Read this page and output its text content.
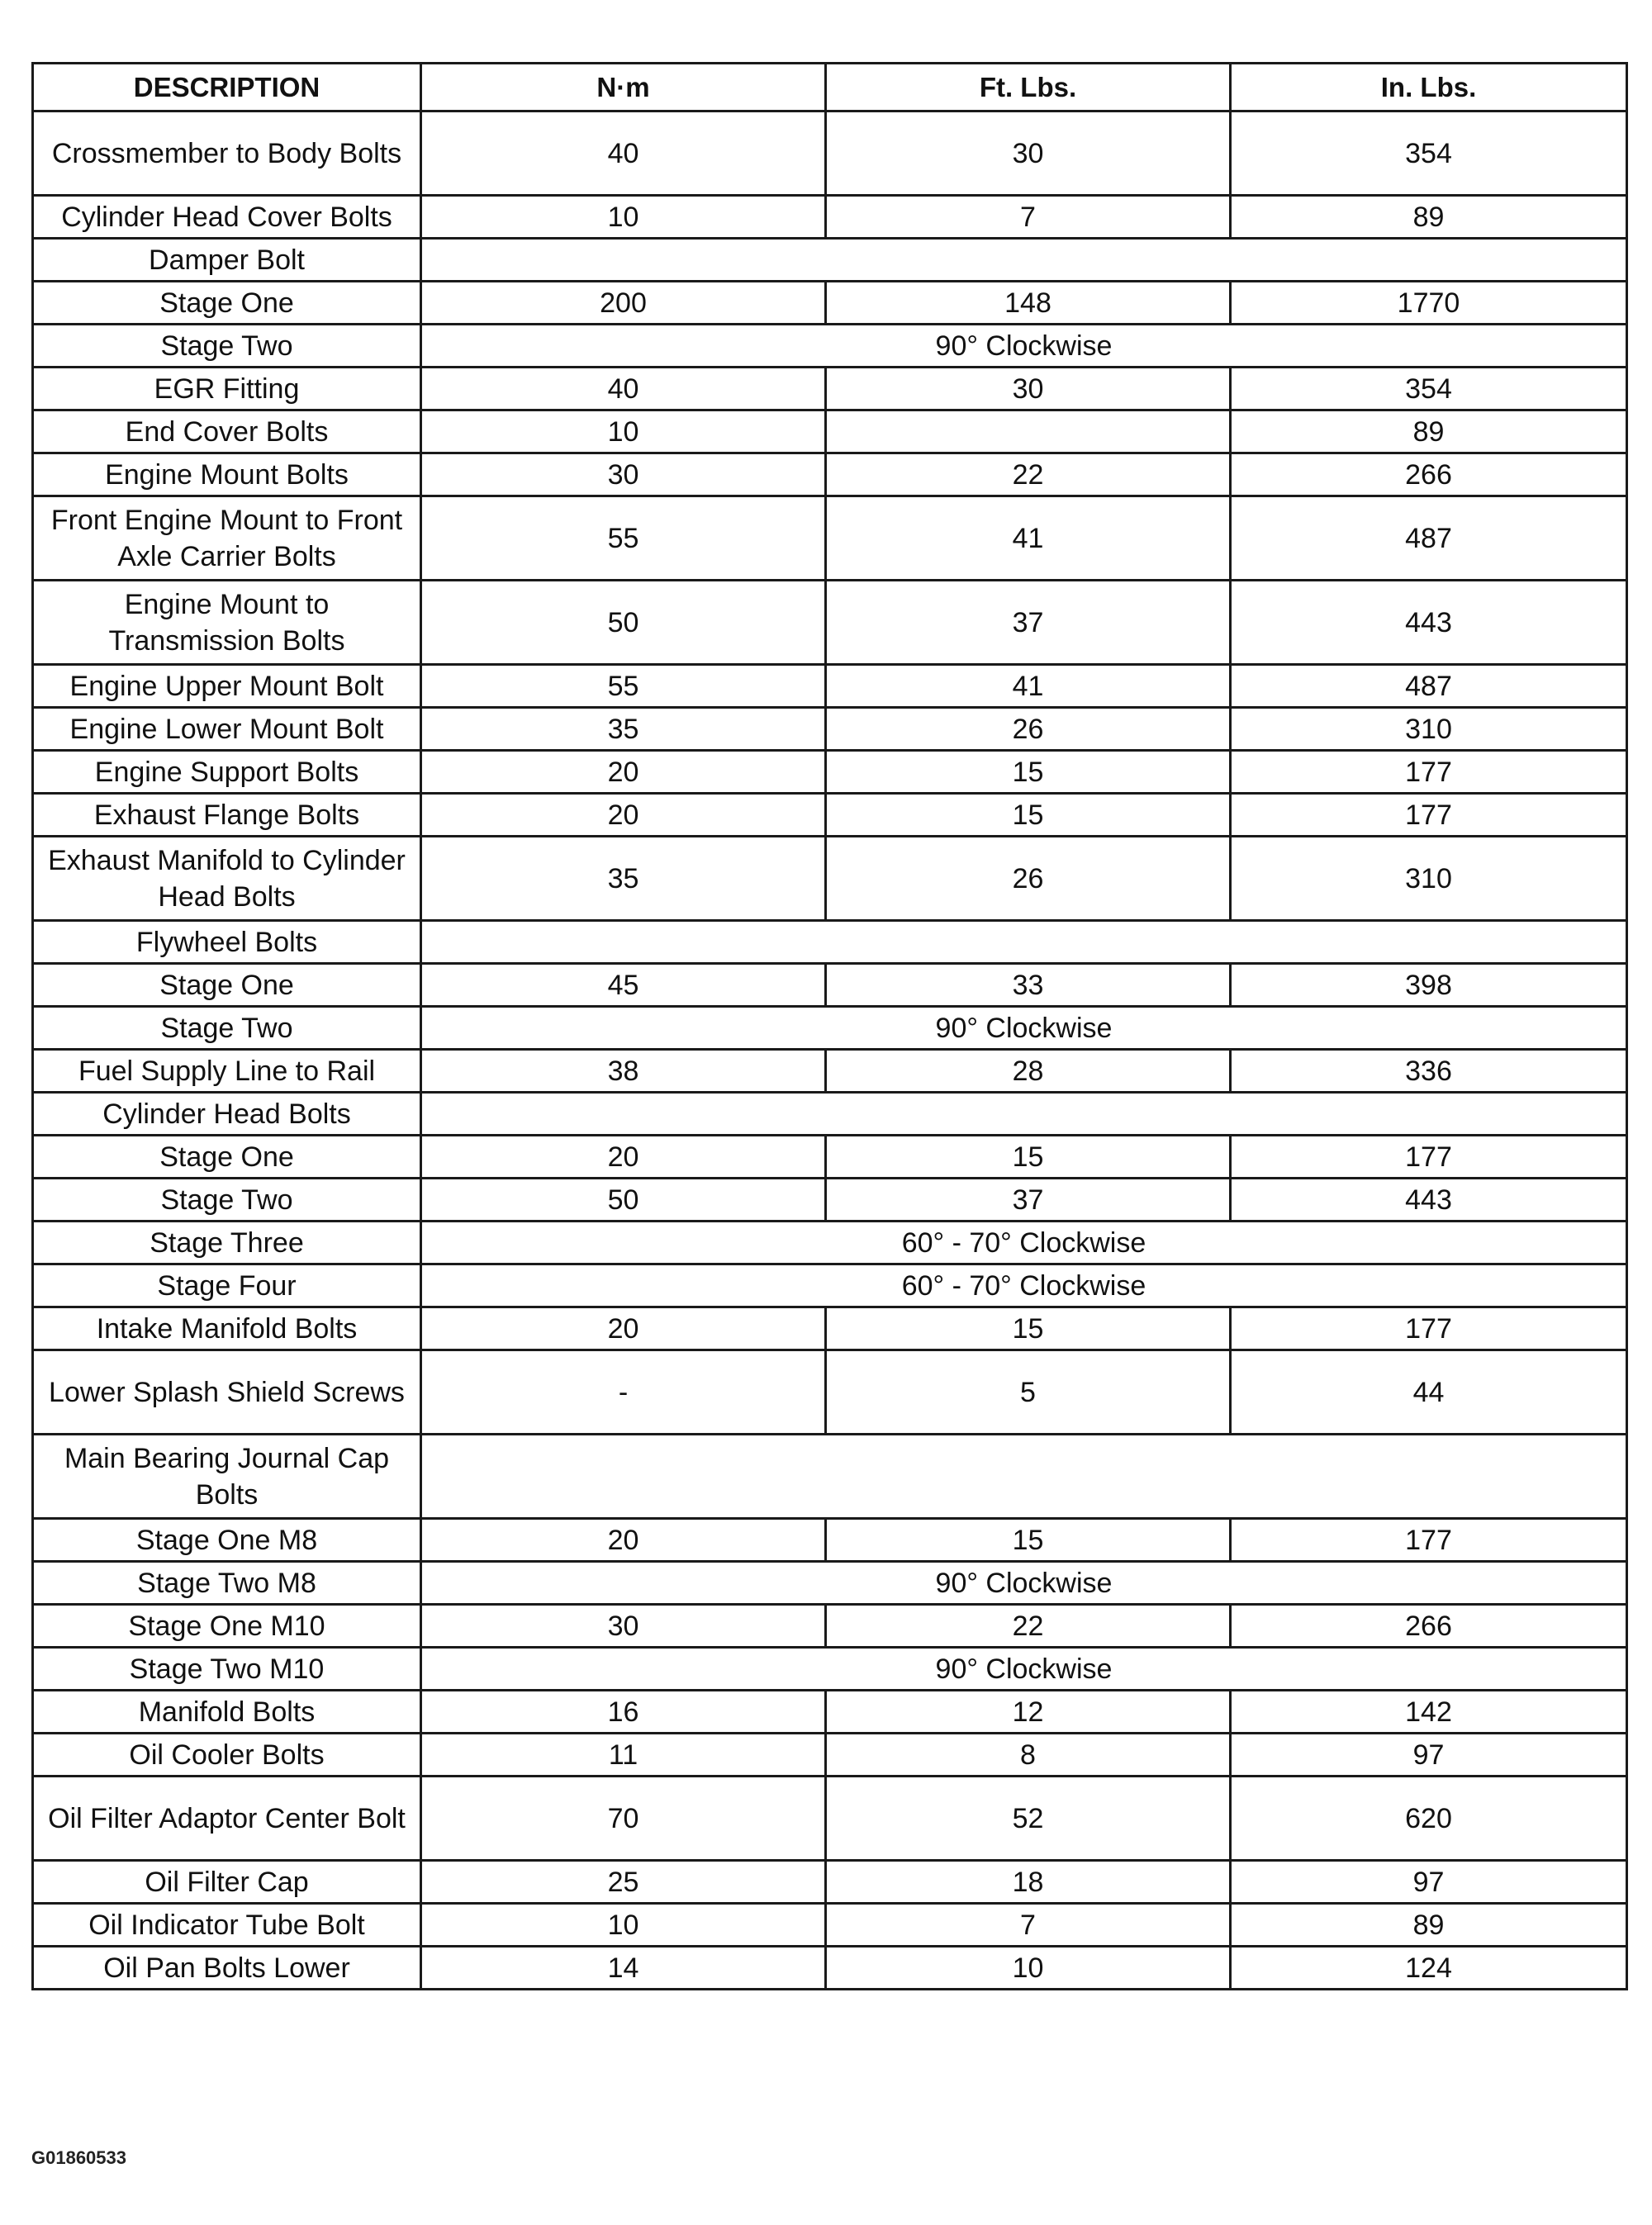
DESCRIPTION	N·m	Ft. Lbs.	In. Lbs.
Crossmember to Body Bolts	40	30	354
Cylinder Head Cover Bolts	10	7	89
Damper Bolt			
Stage One	200	148	1770
Stage Two	90° Clockwise		
EGR Fitting	40	30	354
End Cover Bolts	10		89
Engine Mount Bolts	30	22	266
Front Engine Mount to Front Axle Carrier Bolts	55	41	487
Engine Mount to Transmission Bolts	50	37	443
Engine Upper Mount Bolt	55	41	487
Engine Lower Mount Bolt	35	26	310
Engine Support Bolts	20	15	177
Exhaust Flange Bolts	20	15	177
Exhaust Manifold to Cylinder Head Bolts	35	26	310
Flywheel Bolts			
Stage One	45	33	398
Stage Two	90° Clockwise		
Fuel Supply Line to Rail	38	28	336
Cylinder Head Bolts			
Stage One	20	15	177
Stage Two	50	37	443
Stage Three	60° - 70° Clockwise		
Stage Four	60° - 70° Clockwise		
Intake Manifold Bolts	20	15	177
Lower Splash Shield Screws	-	5	44
Main Bearing Journal Cap Bolts			
Stage One M8	20	15	177
Stage Two M8	90° Clockwise		
Stage One M10	30	22	266
Stage Two M10	90° Clockwise		
Manifold Bolts	16	12	142
Oil Cooler Bolts	11	8	97
Oil Filter Adaptor Center Bolt	70	52	620
Oil Filter Cap	25	18	97
Oil Indicator Tube Bolt	10	7	89
Oil Pan Bolts Lower	14	10	124
G01860533
